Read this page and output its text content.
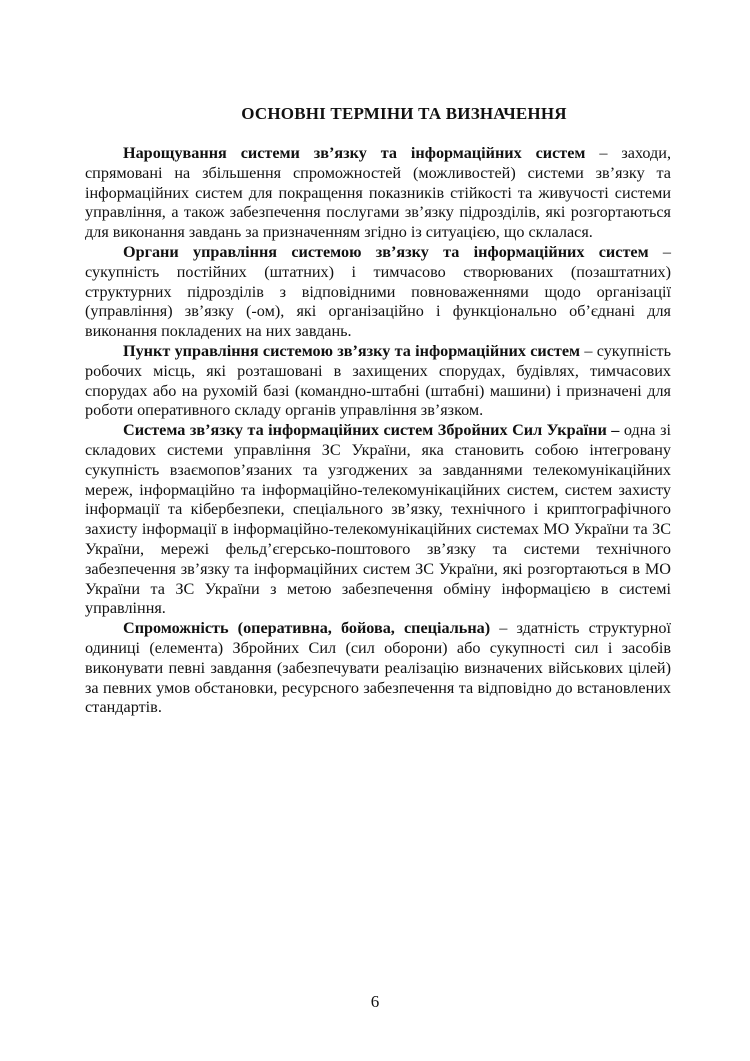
ОСНОВНІ ТЕРМІНИ ТА ВИЗНАЧЕННЯ

Нарощування системи зв’язку та інформаційних систем – заходи, спрямовані на збільшення спроможностей (можливостей) системи зв’язку та інформаційних систем для покращення показників стійкості та живучості системи управління, а також забезпечення послугами зв’язку підрозділів, які розгортаються для виконання завдань за призначенням згідно із ситуацією, що склалася.

Органи управління системою зв’язку та інформаційних систем – сукупність постійних (штатних) і тимчасово створюваних (позаштатних) структурних підрозділів з відповідними повноваженнями щодо організації (управління) зв’язку (-ом), які організаційно і функціонально об’єднані для виконання покладених на них завдань.

Пункт управління системою зв’язку та інформаційних систем – сукупність робочих місць, які розташовані в захищених спорудах, будівлях, тимчасових спорудах або на рухомій базі (командно-штабні (штабні) машини) і призначені для роботи оперативного складу органів управління зв’язком.

Система зв’язку та інформаційних систем Збройних Сил України – одна зі складових системи управління ЗС України, яка становить собою інтегровану сукупність взаємопов’язаних та узгоджених за завданнями телекомунікаційних мереж, інформаційно та інформаційно-телекомунікаційних систем, систем захисту інформації та кібербезпеки, спеціального зв’язку, технічного і криптографічного захисту інформації в інформаційно-телекомунікаційних системах МО України та ЗС України, мережі фельд’єгерсько-поштового зв’язку та системи технічного забезпечення зв’язку та інформаційних систем ЗС України, які розгортаються в МО України та ЗС України з метою забезпечення обміну інформацією в системі управління.

Спроможність (оперативна, бойова, спеціальна) – здатність структурної одиниці (елемента) Збройних Сил (сил оборони) або сукупності сил і засобів виконувати певні завдання (забезпечувати реалізацію визначених військових цілей) за певних умов обстановки, ресурсного забезпечення та відповідно до встановлених стандартів.

6
